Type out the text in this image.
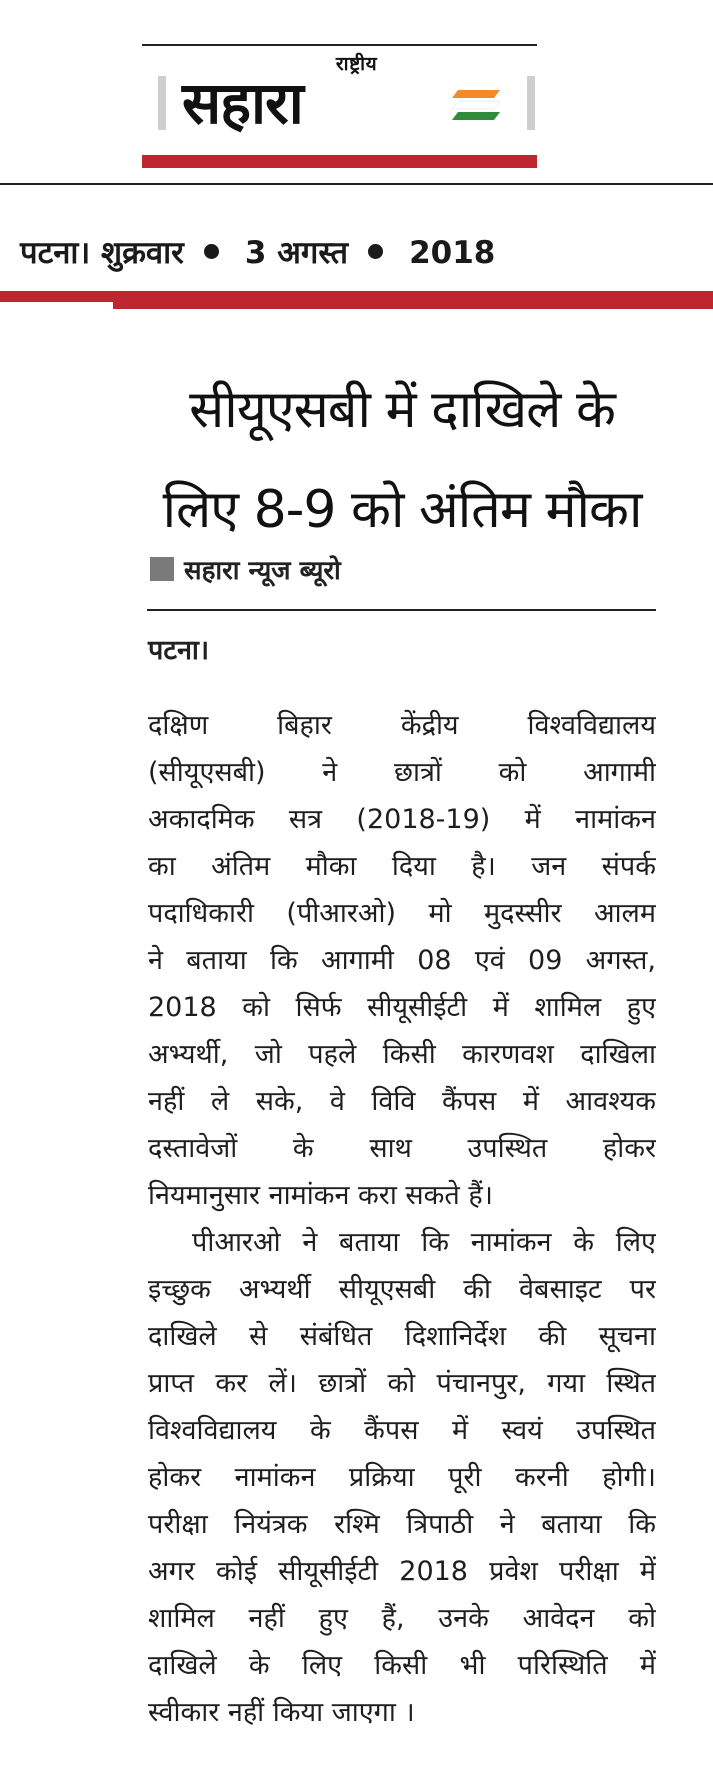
राष्ट्रीय
सहारा
पटना। शुक्रवार 3 अगस्त 2018
सीयूएसबी में दाखिले के
लिए 8-9 को अंतिम मौका
सहारा न्यूज ब्यूरो
पटना।
दक्षिण बिहार केंद्रीय विश्वविद्यालय
(सीयूएसबी) ने छात्रों को आगामी
अकादमिक सत्र (2018-19) में नामांकन
का अंतिम मौका दिया है। जन संपर्क
पदाधिकारी (पीआरओ) मो मुदस्सीर आलम
ने बताया कि आगामी 08 एवं 09 अगस्त,
2018 को सिर्फ सीयूसीईटी में शामिल हुए
अभ्यर्थी, जो पहले किसी कारणवश दाखिला
नहीं ले सके, वे विवि कैंपस में आवश्यक
दस्तावेजों के साथ उपस्थित होकर
नियमानुसार नामांकन करा सकते हैं।
पीआरओ ने बताया कि नामांकन के लिए
इच्छुक अभ्यर्थी सीयूएसबी की वेबसाइट पर
दाखिले से संबंधित दिशानिर्देश की सूचना
प्राप्त कर लें। छात्रों को पंचानपुर, गया स्थित
विश्वविद्यालय के कैंपस में स्वयं उपस्थित
होकर नामांकन प्रक्रिया पूरी करनी होगी।
परीक्षा नियंत्रक रश्मि त्रिपाठी ने बताया कि
अगर कोई सीयूसीईटी 2018 प्रवेश परीक्षा में
शामिल नहीं हुए हैं, उनके आवेदन को
दाखिले के लिए किसी भी परिस्थिति में
स्वीकार नहीं किया जाएगा ।
